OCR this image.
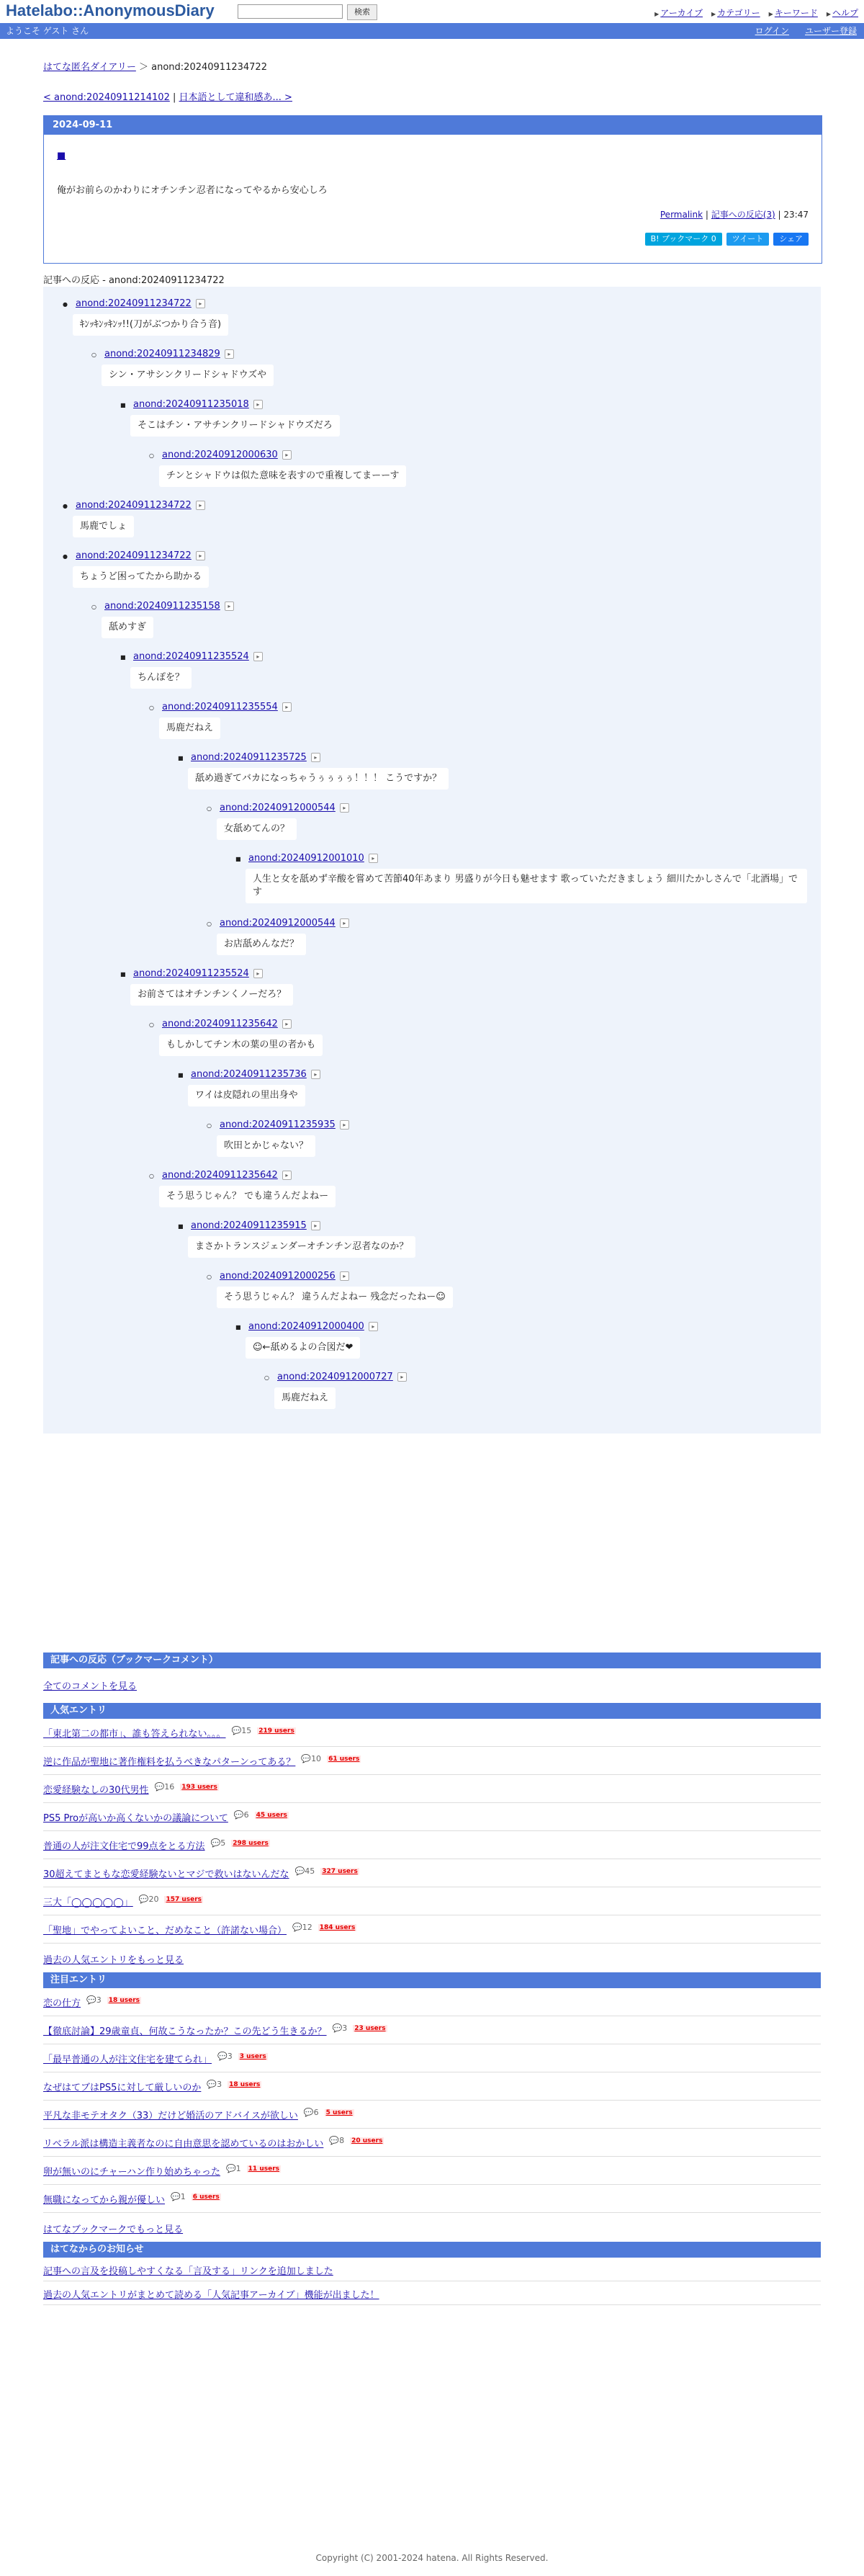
Hatelabo::AnonymousDiary	検索	▶ アーカイブ	▶ カテゴリー	▶ キーワード	▶ ヘルプ
ようこそ ゲスト さん	ログイン ユーザー登録
はてな匿名ダイアリー ＞ anond:20240911234722
< anond:20240911214102 | 日本語として違和感あ... >
2024-09-11
■
俺がお前らのかわりにオチンチン忍者になってやるから安心しろ
Permalink | 記事への反応(3) | 23:47
B! ブックマーク 0	ツイート	シェア
記事への反応 - anond:20240911234722
● anond:20240911234722 ▸
ｷﾝｯｷﾝｯｷﾝｯ!!(刀がぶつかり合う音)
○ anond:20240911234829 ▸
シン・アサシンクリードシャドウズや
■ anond:20240911235018 ▸
そこはチン・アサチンクリードシャドウズだろ
○ anond:20240912000630 ▸
チンとシャドウは似た意味を表すので重複してまーーす
● anond:20240911234722 ▸
馬鹿でしょ
● anond:20240911234722 ▸
ちょうど困ってたから助かる
○ anond:20240911235158 ▸
舐めすぎ
■ anond:20240911235524 ▸
ちんぽを？
○ anond:20240911235554 ▸
馬鹿だねえ
■ anond:20240911235725 ▸
舐め過ぎてバカになっちゃうぅぅぅぅ！！！ こうですか？
○ anond:20240912000544 ▸
女舐めてんの？
■ anond:20240912001010 ▸
人生と女を舐めず辛酸を嘗めて苦節40年あまり 男盛りが今日も魅せます 歌っていただきましょう 細川たかしさんで「北酒場」です
○ anond:20240912000544 ▸
お店舐めんなだ？
■ anond:20240911235524 ▸
お前さてはオチンチンくノーだろ？
○ anond:20240911235642 ▸
もしかしてチン木の葉の里の者かも
■ anond:20240911235736 ▸
ワイは皮隠れの里出身や
○ anond:20240911235935 ▸
吹田とかじゃない？
○ anond:20240911235642 ▸
そう思うじゃん？ でも違うんだよねー
■ anond:20240911235915 ▸
まさかトランスジェンダーオチンチン忍者なのか？
○ anond:20240912000256 ▸
そう思うじゃん？ 違うんだよねー 残念だったねー☺
■ anond:20240912000400 ▸
☺←舐めるよの合図だ❤
○ anond:20240912000727 ▸
馬鹿だねえ
記事への反応（ブックマークコメント）
全てのコメントを見る
人気エントリ
「東北第二の都市」、誰も答えられない。。。 💬15 219 users
逆に作品が聖地に著作権料を払うべきなパターンってある？ 💬10 61 users
恋愛経験なしの30代男性 💬16 193 users
PS5 Proが高いか高くないかの議論について 💬6 45 users
普通の人が注文住宅で99点をとる方法 💬5 298 users
30超えてまともな恋愛経験ないとマジで救いはないんだな 💬45 327 users
三大「◯◯◯◯◯」 💬20 157 users
「聖地」でやってよいこと、だめなこと（許諾ない場合） 💬12 184 users
過去の人気エントリをもっと見る
注目エントリ
恋の仕方 💬3 18 users
【徹底討論】29歳童貞、何故こうなったか？この先どう生きるか？ 💬3 23 users
「最早普通の人が注文住宅を建てられ」 💬3 3 users
なぜはてブはPS5に対して厳しいのか 💬3 18 users
平凡な非モテオタク（33）だけど婚活のアドバイスが欲しい 💬6 5 users
リベラル派は構造主義者なのに自由意思を認めているのはおかしい 💬8 20 users
卵が無いのにチャーハン作り始めちゃった 💬1 11 users
無職になってから親が優しい 💬1 6 users
はてなブックマークでもっと見る
はてなからのお知らせ
記事への言及を投稿しやすくなる「言及する」リンクを追加しました
過去の人気エントリがまとめて読める「人気記事アーカイブ」機能が出ました！
Copyright (C) 2001-2024 hatena. All Rights Reserved.
